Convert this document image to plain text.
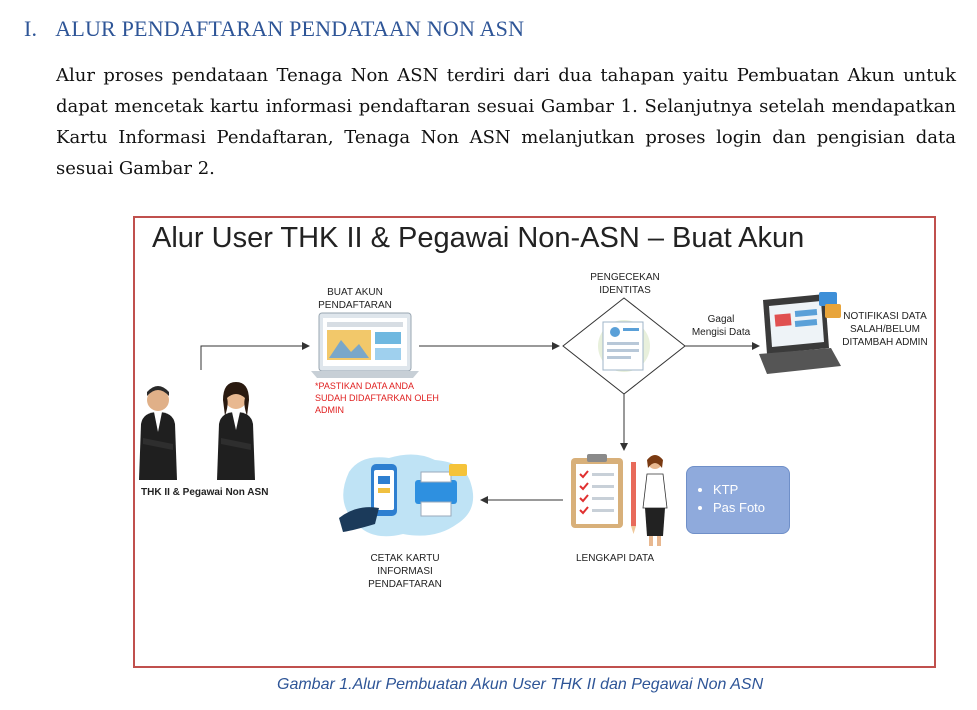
I. ALUR PENDAFTARAN PENDATAAN NON ASN

Alur proses pendataan Tenaga Non ASN terdiri dari dua tahapan yaitu Pembuatan Akun untuk dapat mencetak kartu informasi pendaftaran sesuai Gambar 1. Selanjutnya setelah mendapatkan Kartu Informasi Pendaftaran, Tenaga Non ASN melanjutkan proses login dan pengisian data sesuai Gambar 2.

Alur User THK II & Pegawai Non-ASN – Buat Akun
BUAT AKUN
PENDAFTARAN
*PASTIKAN DATA ANDA
SUDAH DIDAFTARKAN OLEH
ADMIN
PENGECEKAN
IDENTITAS
Gagal
Mengisi Data
NOTIFIKASI DATA
SALAH/BELUM
DITAMBAH ADMIN
THK II & Pegawai Non ASN
LENGKAPI DATA
CETAK KARTU
INFORMASI
PENDAFTARAN
• KTP
• Pas Foto
Gambar 1.Alur Pembuatan Akun User THK II dan Pegawai Non ASN
